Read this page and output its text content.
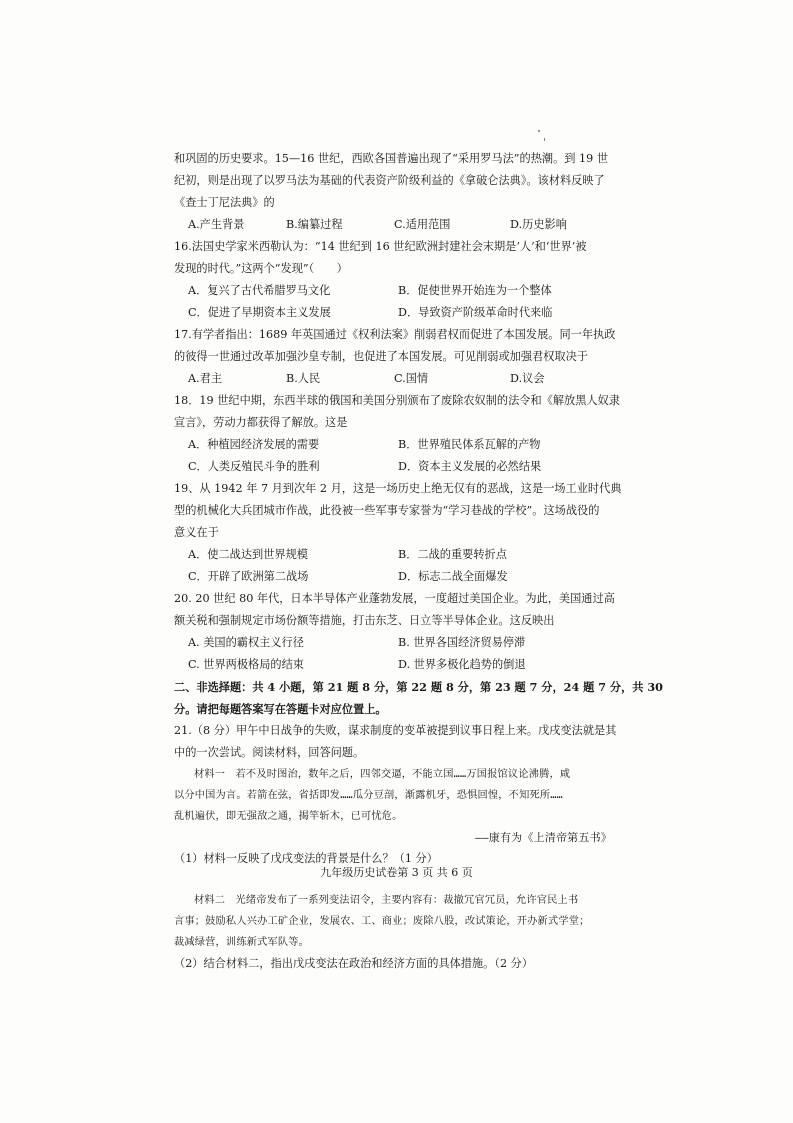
和巩固的历史要求。15—16 世纪，西欧各国普遍出现了“采用罗马法”的热潮。到 19 世
纪初，则是出现了以罗马法为基础的代表资产阶级利益的《拿破仑法典》。该材料反映了
《查士丁尼法典》的
A.产生背景	B.编纂过程	C.适用范围	D.历史影响
16.法国史学家米西勒认为：“14 世纪到 16 世纪欧洲封建社会末期是‘人’和‘世界’被
发现的时代。”这两个“发现”（　　）
A．复兴了古代希腊罗马文化	B．促使世界开始连为一个整体
C．促进了早期资本主义发展	D．导致资产阶级革命时代来临
17.有学者指出：1689 年英国通过《权利法案》削弱君权而促进了本国发展。同一年执政
的彼得一世通过改革加强沙皇专制，也促进了本国发展。可见削弱或加强君权取决于
A.君主	B.人民	C.国情	D.议会
18．19 世纪中期，东西半球的俄国和美国分别颁布了废除农奴制的法令和《解放黑人奴隶
宣言》，劳动力都获得了解放。这是
A．种植园经济发展的需要	B．世界殖民体系瓦解的产物
C．人类反殖民斗争的胜利	D．资本主义发展的必然结果
19、从 1942 年 7 月到次年 2 月，这是一场历史上绝无仅有的恶战，这是一场工业时代典
型的机械化大兵团城市作战，此役被一些军事专家誉为“学习巷战的学校”。这场战役的
意义在于
A．使二战达到世界规模	B．二战的重要转折点
C．开辟了欧洲第二战场	D．标志二战全面爆发
20. 20 世纪 80 年代，日本半导体产业蓬勃发展，一度超过美国企业。为此，美国通过高
额关税和强制规定市场份额等措施，打击东芝、日立等半导体企业。这反映出
A. 美国的霸权主义行径	B. 世界各国经济贸易停滞
C. 世界两极格局的结束	D. 世界多极化趋势的倒退
二、非选择题：共 4 小题，第 21 题 8 分，第 22 题 8 分，第 23 题 7 分，24 题 7 分，共 30
分。请把每题答案写在答题卡对应位置上。
21.（8 分）甲午中日战争的失败，谋求制度的变革被提到议事日程上来。戊戌变法就是其
中的一次尝试。阅读材料，回答问题。
材料一　若不及时图治，数年之后，四邻交逼，不能立国……万国报馆议论沸腾，咸
以分中国为言。若箭在弦，省括即发……瓜分豆剖，渐露机牙，恐惧回惶，不知死所……
乱机遍伏，即无强敌之通，揭竿斩木，已可忧危。
——康有为《上清帝第五书》
（1）材料一反映了戊戌变法的背景是什么？（1 分）
材料二　光绪帝发布了一系列变法诏令，主要内容有：裁撤冗官冗员，允许官民上书
言事；鼓励私人兴办工矿企业，发展农、工、商业；废除八股，改试策论，开办新式学堂；
裁减绿营，训练新式军队等。
（2）结合材料二，指出戊戌变法在政治和经济方面的具体措施。（2 分）
九年级历史试卷第 3 页 共 6 页
